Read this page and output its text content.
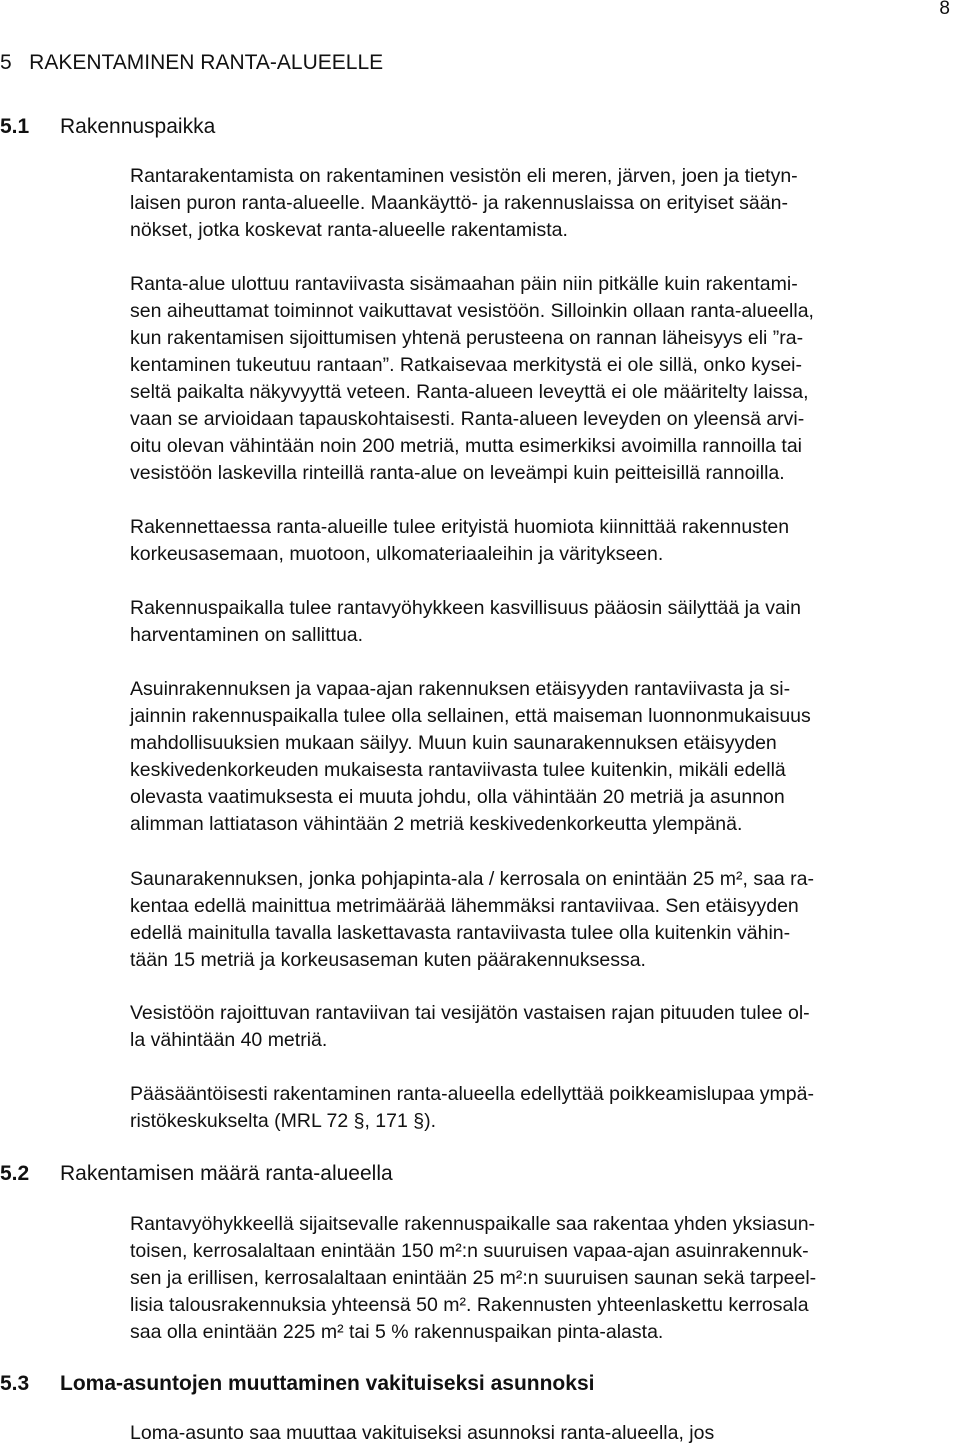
8
5   RAKENTAMINEN RANTA-ALUEELLE
5.1 Rakennuspaikka
Rantarakentamista on rakentaminen vesistön eli meren, järven, joen ja tietyn-
laisen puron ranta-alueelle. Maankäyttö- ja rakennuslaissa on erityiset sään-
nökset, jotka koskevat ranta-alueelle rakentamista.
Ranta-alue ulottuu rantaviivasta sisämaahan päin niin pitkälle kuin rakentami-
sen aiheuttamat toiminnot vaikuttavat vesistöön. Silloinkin ollaan ranta-alueella,
kun rakentamisen sijoittumisen yhtenä perusteena on rannan läheisyys eli ”ra-
kentaminen tukeutuu rantaan”. Ratkaisevaa merkitystä ei ole sillä, onko kysei-
seltä paikalta näkyvyyttä veteen. Ranta-alueen leveyttä ei ole määritelty laissa,
vaan se arvioidaan tapauskohtaisesti. Ranta-alueen leveyden on yleensä arvi-
oitu olevan vähintään noin 200 metriä, mutta esimerkiksi avoimilla rannoilla tai
vesistöön laskevilla rinteillä ranta-alue on leveämpi kuin peitteisillä rannoilla.
Rakennettaessa ranta-alueille tulee erityistä huomiota kiinnittää rakennusten
korkeusasemaan, muotoon, ulkomateriaaleihin ja väritykseen.
Rakennuspaikalla tulee rantavyöhykkeen kasvillisuus pääosin säilyttää ja vain
harventaminen on sallittua.
Asuinrakennuksen ja vapaa-ajan rakennuksen etäisyyden rantaviivasta ja si-
jainnin rakennuspaikalla tulee olla sellainen, että maiseman luonnonmukaisuus
mahdollisuuksien mukaan säilyy. Muun kuin saunarakennuksen etäisyyden
keskivedenkorkeuden mukaisesta rantaviivasta tulee kuitenkin, mikäli edellä
olevasta vaatimuksesta ei muuta johdu, olla vähintään 20 metriä ja asunnon
alimman lattiatason vähintään 2 metriä keskivedenkorkeutta ylempänä.
Saunarakennuksen, jonka pohjapinta-ala / kerrosala on enintään 25 m², saa ra-
kentaa edellä mainittua metrimäärää lähemmäksi rantaviivaa. Sen etäisyyden
edellä mainitulla tavalla laskettavasta rantaviivasta tulee olla kuitenkin vähin-
tään 15 metriä ja korkeusaseman kuten päärakennuksessa.
Vesistöön rajoittuvan rantaviivan tai vesijätön vastaisen rajan pituuden tulee ol-
la vähintään 40 metriä.
Pääsääntöisesti rakentaminen ranta-alueella edellyttää poikkeamislupaa ympä-
ristökeskukselta (MRL 72 §, 171 §).
5.2 Rakentamisen määrä ranta-alueella
Rantavyöhykkeellä sijaitsevalle rakennuspaikalle saa rakentaa yhden yksiasun-
toisen, kerrosalaltaan enintään 150 m²:n suuruisen vapaa-ajan asuinrakennuk-
sen ja erillisen, kerrosalaltaan enintään 25 m²:n suuruisen saunan sekä tarpeel-
lisia talousrakennuksia yhteensä 50 m². Rakennusten yhteenlaskettu kerrosala
saa olla enintään 225 m² tai 5 % rakennuspaikan pinta-alasta.
5.3 Loma-asuntojen muuttaminen vakituiseksi asunnoksi
Loma-asunto saa muuttaa vakituiseksi asunnoksi ranta-alueella, jos
